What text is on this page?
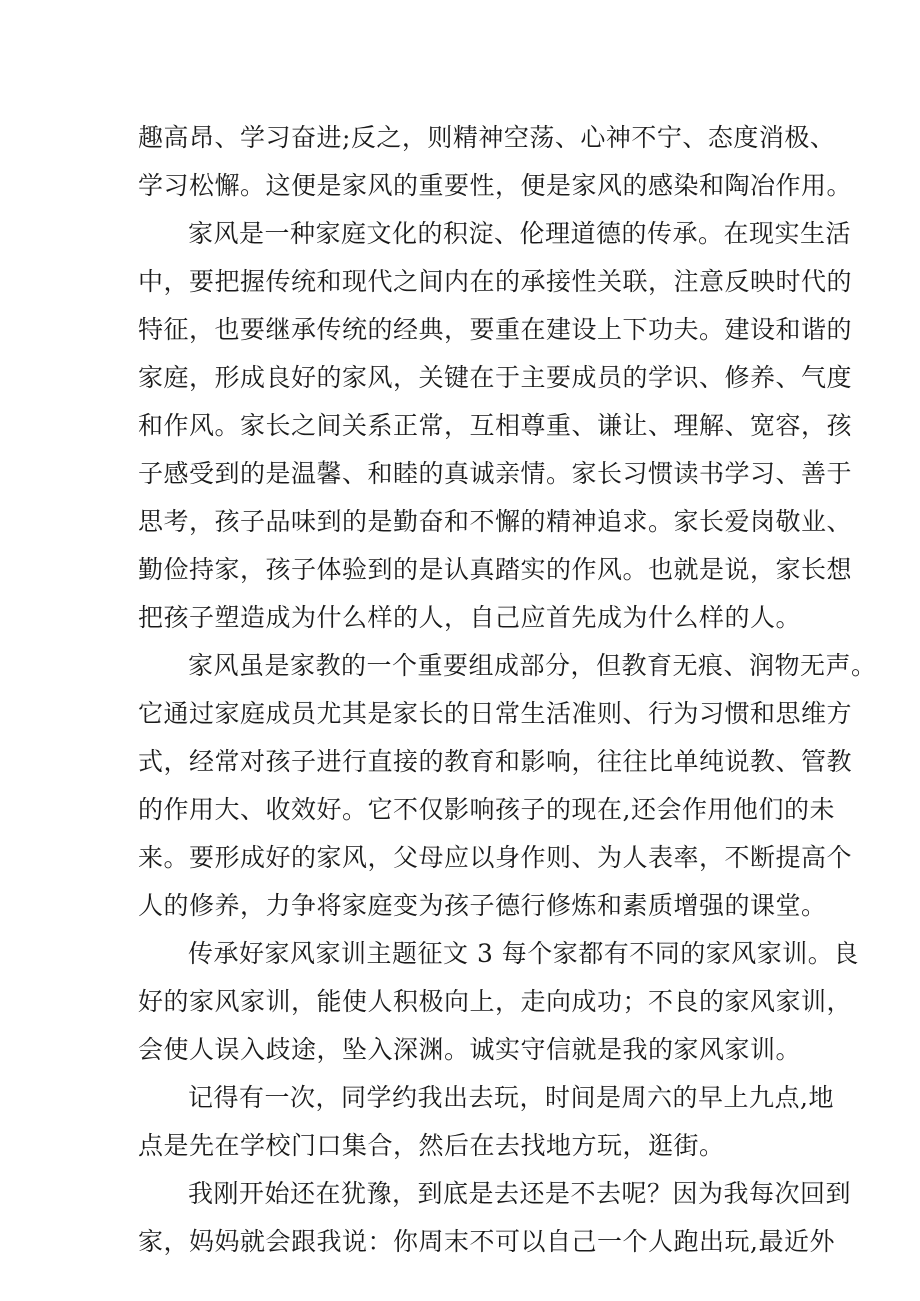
趣高昂、学习奋进;反之，则精神空荡、心神不宁、态度消极、
学习松懈。这便是家风的重要性，便是家风的感染和陶冶作用。
家风是一种家庭文化的积淀、伦理道德的传承。在现实生活
中，要把握传统和现代之间内在的承接性关联，注意反映时代的
特征，也要继承传统的经典，要重在建设上下功夫。建设和谐的
家庭，形成良好的家风，关键在于主要成员的学识、修养、气度
和作风。家长之间关系正常，互相尊重、谦让、理解、宽容，孩
子感受到的是温馨、和睦的真诚亲情。家长习惯读书学习、善于
思考，孩子品味到的是勤奋和不懈的精神追求。家长爱岗敬业、
勤俭持家，孩子体验到的是认真踏实的作风。也就是说，家长想
把孩子塑造成为什么样的人，自己应首先成为什么样的人。
家风虽是家教的一个重要组成部分，但教育无痕、润物无声。
它通过家庭成员尤其是家长的日常生活准则、行为习惯和思维方
式，经常对孩子进行直接的教育和影响，往往比单纯说教、管教
的作用大、收效好。它不仅影响孩子的现在,还会作用他们的未
来。要形成好的家风，父母应以身作则、为人表率，不断提高个
人的修养，力争将家庭变为孩子德行修炼和素质增强的课堂。
传承好家风家训主题征文 3 每个家都有不同的家风家训。良
好的家风家训，能使人积极向上，走向成功；不良的家风家训，
会使人误入歧途，坠入深渊。诚实守信就是我的家风家训。
记得有一次，同学约我出去玩，时间是周六的早上九点,地
点是先在学校门口集合，然后在去找地方玩，逛街。
我刚开始还在犹豫，到底是去还是不去呢？因为我每次回到
家，妈妈就会跟我说：你周末不可以自己一个人跑出玩,最近外
